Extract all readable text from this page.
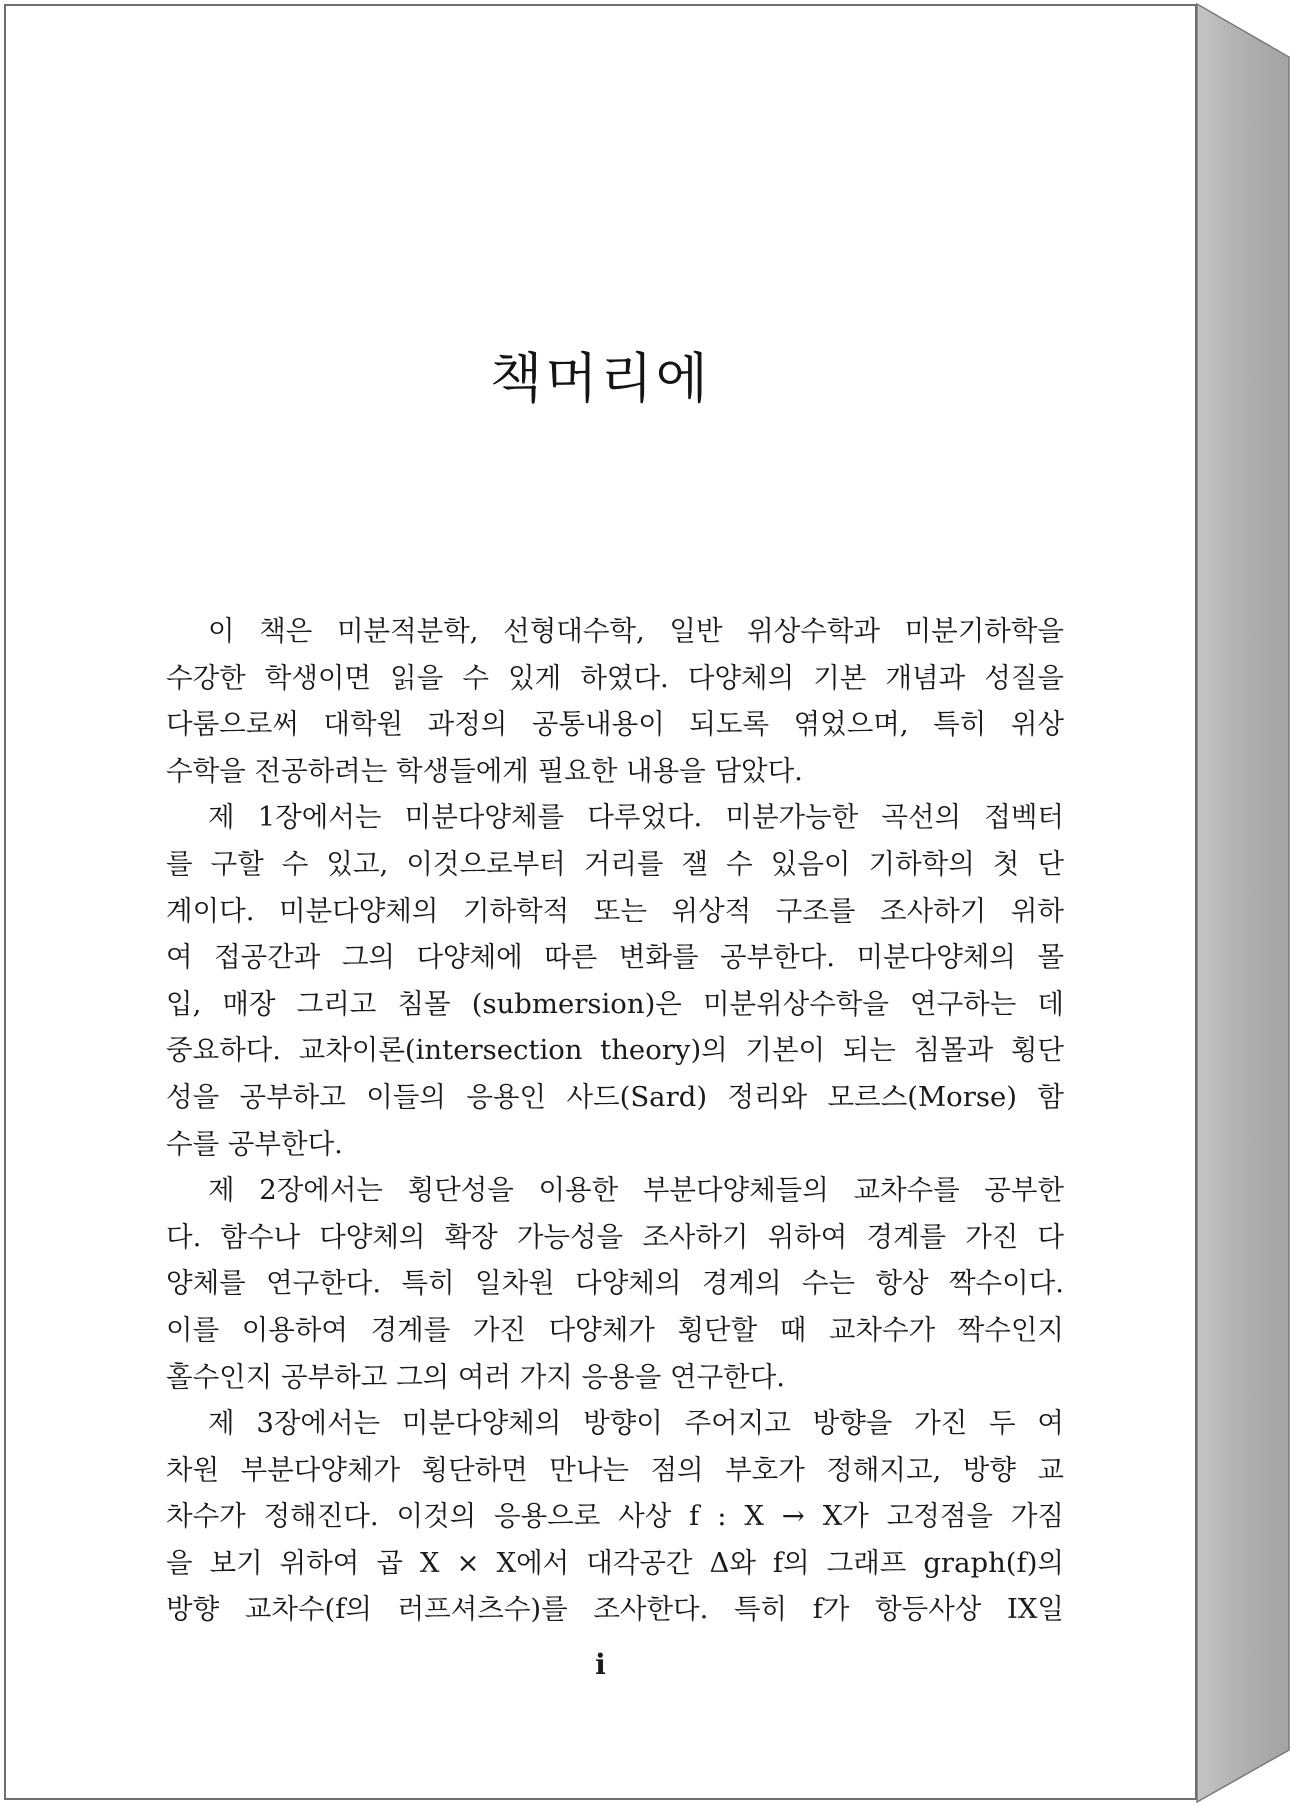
책머리에
이 책은 미분적분학, 선형대수학, 일반 위상수학과 미분기하학을
수강한 학생이면 읽을 수 있게 하였다. 다양체의 기본 개념과 성질을
다룸으로써 대학원 과정의 공통내용이 되도록 엮었으며, 특히 위상
수학을 전공하려는 학생들에게 필요한 내용을 담았다.
제 1장에서는 미분다양체를 다루었다. 미분가능한 곡선의 접벡터
를 구할 수 있고, 이것으로부터 거리를 잴 수 있음이 기하학의 첫 단
계이다. 미분다양체의 기하학적 또는 위상적 구조를 조사하기 위하
여 접공간과 그의 다양체에 따른 변화를 공부한다. 미분다양체의 몰
입, 매장 그리고 침몰 (submersion)은 미분위상수학을 연구하는 데
중요하다. 교차이론(intersection theory)의 기본이 되는 침몰과 횡단
성을 공부하고 이들의 응용인 사드(Sard) 정리와 모르스(Morse) 함
수를 공부한다.
제 2장에서는 횡단성을 이용한 부분다양체들의 교차수를 공부한
다. 함수나 다양체의 확장 가능성을 조사하기 위하여 경계를 가진 다
양체를 연구한다. 특히 일차원 다양체의 경계의 수는 항상 짝수이다.
이를 이용하여 경계를 가진 다양체가 횡단할 때 교차수가 짝수인지
홀수인지 공부하고 그의 여러 가지 응용을 연구한다.
제 3장에서는 미분다양체의 방향이 주어지고 방향을 가진 두 여
차원 부분다양체가 횡단하면 만나는 점의 부호가 정해지고, 방향 교
차수가 정해진다. 이것의 응용으로 사상 f : X → X가 고정점을 가짐
을 보기 위하여 곱 X × X에서 대각공간 Δ와 f의 그래프 graph(f)의
방향 교차수(f의 러프셔츠수)를 조사한다. 특히 f가 항등사상 IX일
i
